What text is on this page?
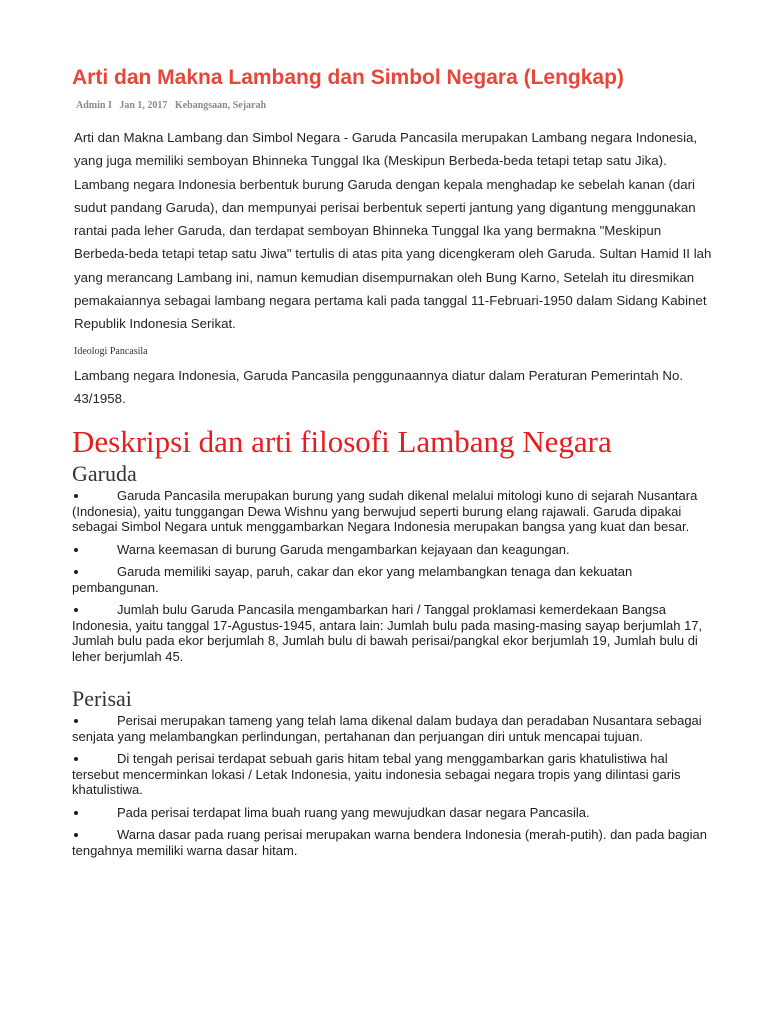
Arti dan Makna Lambang dan Simbol Negara (Lengkap)
Admin I Jan 1, 2017 Kebangsaan, Sejarah

Arti dan Makna Lambang dan Simbol Negara - Garuda Pancasila merupakan Lambang negara Indonesia, yang juga memiliki semboyan Bhinneka Tunggal Ika (Meskipun Berbeda-beda tetapi tetap satu Jika). Lambang negara Indonesia berbentuk burung Garuda dengan kepala menghadap ke sebelah kanan (dari sudut pandang Garuda), dan mempunyai perisai berbentuk seperti jantung yang digantung menggunakan rantai pada leher Garuda, dan terdapat semboyan Bhinneka Tunggal Ika yang bermakna "Meskipun Berbeda-beda tetapi tetap satu Jiwa" tertulis di atas pita yang dicengkeram oleh Garuda. Sultan Hamid II lah yang merancang Lambang ini, namun kemudian disempurnakan oleh Bung Karno, Setelah itu diresmikan pemakaiannya sebagai lambang negara pertama kali pada tanggal 11-Februari-1950 dalam Sidang Kabinet Republik Indonesia Serikat.

Ideologi Pancasila

Lambang negara Indonesia, Garuda Pancasila penggunaannya diatur dalam Peraturan Pemerintah No. 43/1958.

Deskripsi dan arti filosofi Lambang Negara
Garuda
Garuda Pancasila merupakan burung yang sudah dikenal melalui mitologi kuno di sejarah Nusantara (Indonesia), yaitu tunggangan Dewa Wishnu yang berwujud seperti burung elang rajawali. Garuda dipakai sebagai Simbol Negara untuk menggambarkan Negara Indonesia merupakan bangsa yang kuat dan besar.
Warna keemasan di burung Garuda mengambarkan kejayaan dan keagungan.
Garuda memiliki sayap, paruh, cakar dan ekor yang melambangkan tenaga dan kekuatan pembangunan.
Jumlah bulu Garuda Pancasila mengambarkan hari / Tanggal proklamasi kemerdekaan Bangsa Indonesia, yaitu tanggal 17-Agustus-1945, antara lain: Jumlah bulu pada masing-masing sayap berjumlah 17, Jumlah bulu pada ekor berjumlah 8, Jumlah bulu di bawah perisai/pangkal ekor berjumlah 19, Jumlah bulu di leher berjumlah 45.
Perisai
Perisai merupakan tameng yang telah lama dikenal dalam budaya dan peradaban Nusantara sebagai senjata yang melambangkan perlindungan, pertahanan dan perjuangan diri untuk mencapai tujuan.
Di tengah perisai terdapat sebuah garis hitam tebal yang menggambarkan garis khatulistiwa hal tersebut mencerminkan lokasi / Letak Indonesia, yaitu indonesia sebagai negara tropis yang dilintasi garis khatulistiwa.
Pada perisai terdapat lima buah ruang yang mewujudkan dasar negara Pancasila.
Warna dasar pada ruang perisai merupakan warna bendera Indonesia (merah-putih). dan pada bagian tengahnya memiliki warna dasar hitam.
